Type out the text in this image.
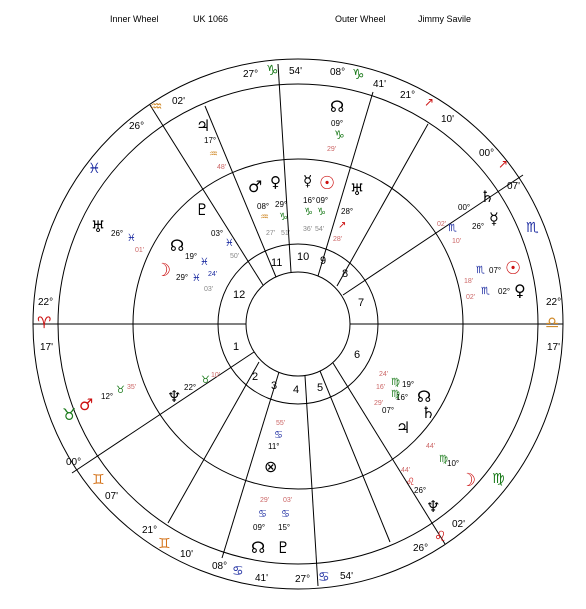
Inner Wheel	UK 1066	Outer Wheel	Jimmy Savile
1
2
3 4 5
6
7
8
9
10
11
12
22°
♈
17'
00°
♉
♊
07'
21°
♊
10'
08° ♋ 41'	27° ♋ 54'
26°
♌
02'
♍
22°
♎
17'
00°
♏
07'
↗
21° ↗
10'
08° ♑
41'
27° ♑ 54'
26°
♒ 02'
♓
☊
09°
♑
29'
☉ ♅
28°
↗
28'
♄
00°
02'	☿
26°
♏
10'
☉
07°
♏
18'	♀
02°
♏
02'
♃
♆
♃
17°
♒
48'
♂
08°
♒
27'
♀
29°
♑
51'
☿
16°
♑
36'
09°
♑
54'
♇
03°
♓
50'
♅ 26° ♓
01' ☊
19°
♓
24'
☽ 29° ♓
03'
♂ 12°
♉ 35' ♆ 22°
♉ 10'
⊗
11°
♋
55'
☊
09°
♋
29'
♇
15°
♋
03'
☊
19°
♍
24'
♄
16°
♍
16'
07°
29'
☽
10°
♍
44'
26°
♌
44'
